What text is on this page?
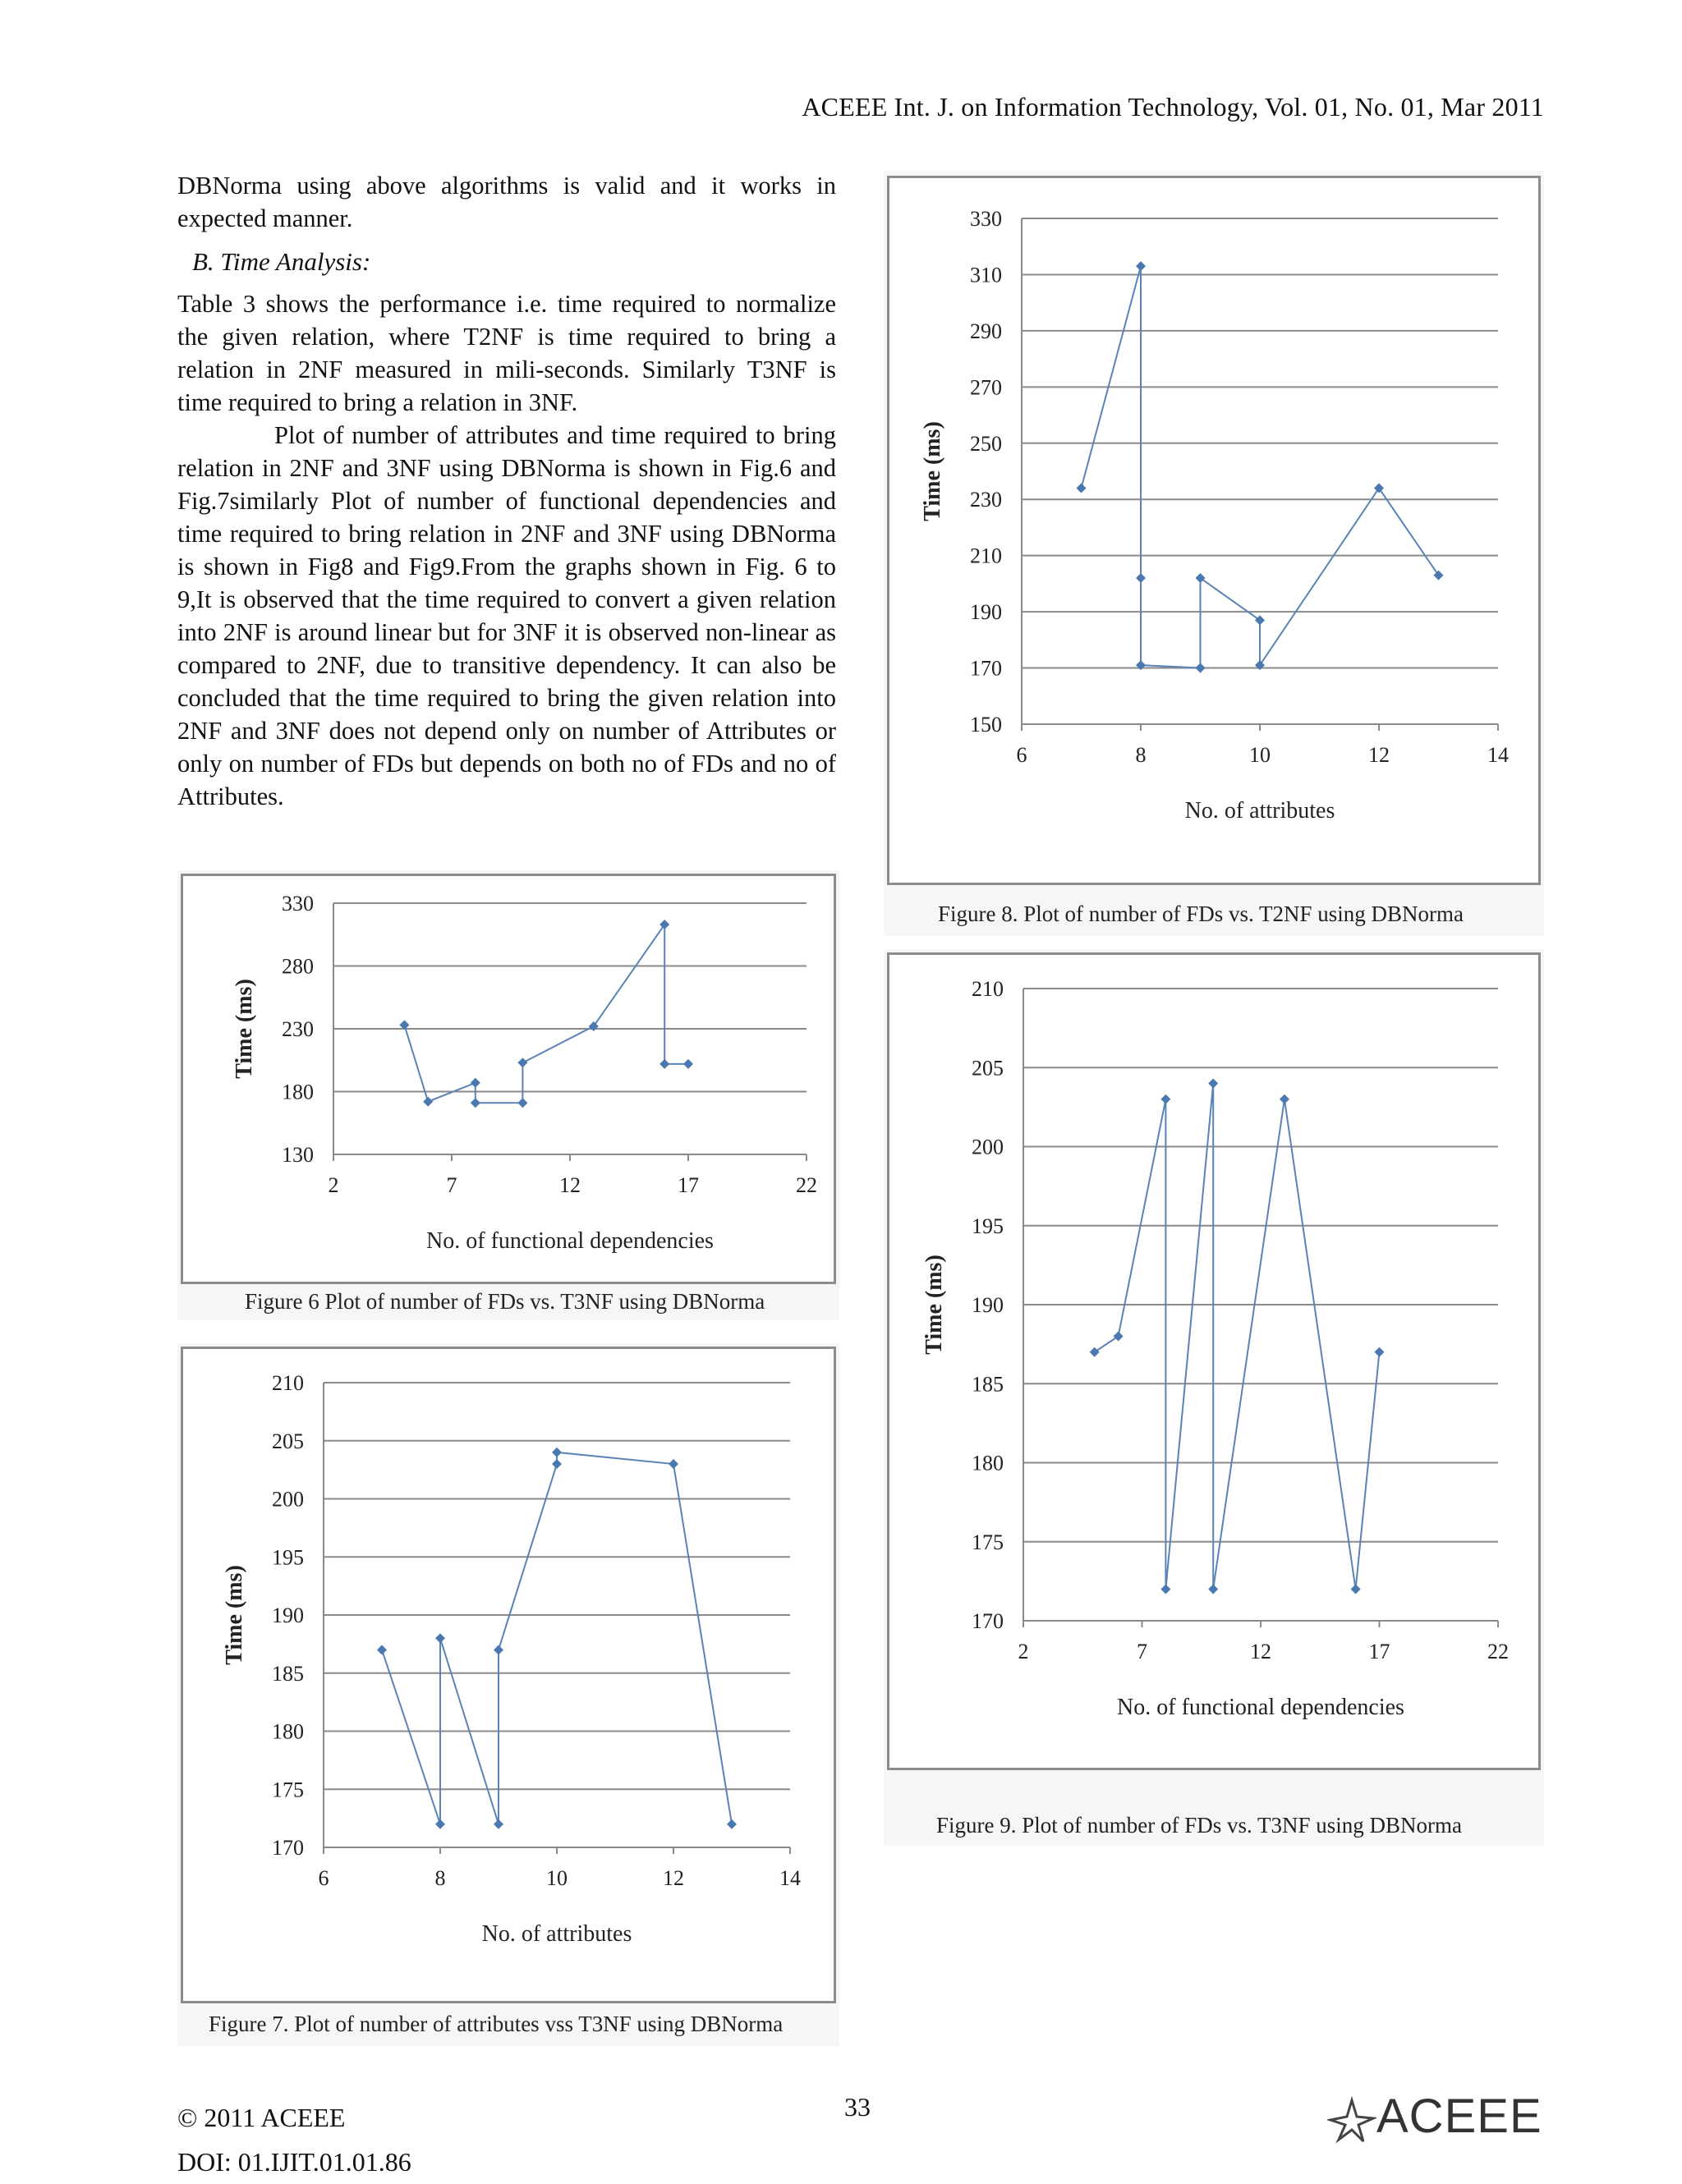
ACEEE Int. J. on Information Technology, Vol. 01, No. 01, Mar 2011

DBNorma using above algorithms is valid and it works in expected manner.

B. Time Analysis:

Table 3 shows the performance i.e. time required to normalize the given relation, where T2NF is time required to bring a relation in 2NF measured in mili-seconds. Similarly T3NF is time required to bring a relation in 3NF.

Plot of number of attributes and time required to bring relation in 2NF and 3NF using DBNorma is shown in Fig.6 and Fig.7similarly Plot of number of functional dependencies and time required to bring relation in 2NF and 3NF using DBNorma is shown in Fig8 and Fig9.From the graphs shown in Fig. 6 to 9,It is observed that the time required to convert a given relation into 2NF is around linear but for 3NF it is observed non-linear as compared to 2NF, due to transitive dependency. It can also be concluded that the time required to bring the given relation into 2NF and 3NF does not depend only on number of Attributes or only on number of FDs but depends on both no of FDs and no of Attributes.

150
170
190
210
230
250
270
290
310
330
6	8	10	12	14
No. of attributes
Time (ms)
Figure 8. Plot of number of FDs vs. T2NF using DBNorma
130
180
230
280
330
2	7	12	17	22
No. of functional dependencies
Time (ms)
Figure 6 Plot of number of FDs vs. T3NF using DBNorma
170
175
180
185
190
195
200
205
210
2	7	12	17	22
No. of functional dependencies
Time (ms)
Figure 9. Plot of number of FDs vs. T3NF using DBNorma
170
175
180
185
190
195
200
205
210
6	8	10	12	14
No. of attributes
Time (ms)
Figure 7. Plot of number of attributes vss T3NF using DBNorma
© 2011 ACEEE
DOI: 01.IJIT.01.01.86
33	ACEEE
